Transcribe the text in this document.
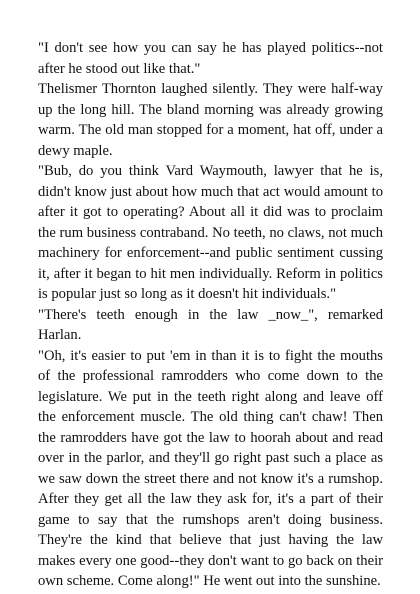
"I don't see how you can say he has played politics--not after he stood out like that."

Thelismer Thornton laughed silently. They were half-way up the long hill. The bland morning was already growing warm. The old man stopped for a moment, hat off, under a dewy maple.

"Bub, do you think Vard Waymouth, lawyer that he is, didn't know just about how much that act would amount to after it got to operating? About all it did was to proclaim the rum business contraband. No teeth, no claws, not much machinery for enforcement--and public sentiment cussing it, after it began to hit men individually. Reform in politics is popular just so long as it doesn't hit individuals."

"There's teeth enough in the law _now_", remarked Harlan.

"Oh, it's easier to put 'em in than it is to fight the mouths of the professional ramrodders who come down to the legislature. We put in the teeth right along and leave off the enforcement muscle. The old thing can't chaw! Then the ramrodders have got the law to hoorah about and read over in the parlor, and they'll go right past such a place as we saw down the street there and not know it's a rumshop. After they get all the law they ask for, it's a part of their game to say that the rumshops aren't doing business. They're the kind that believe that just having the law makes every one good--they don't want to go back on their own scheme. Come along!" He went out into the sunshine.
